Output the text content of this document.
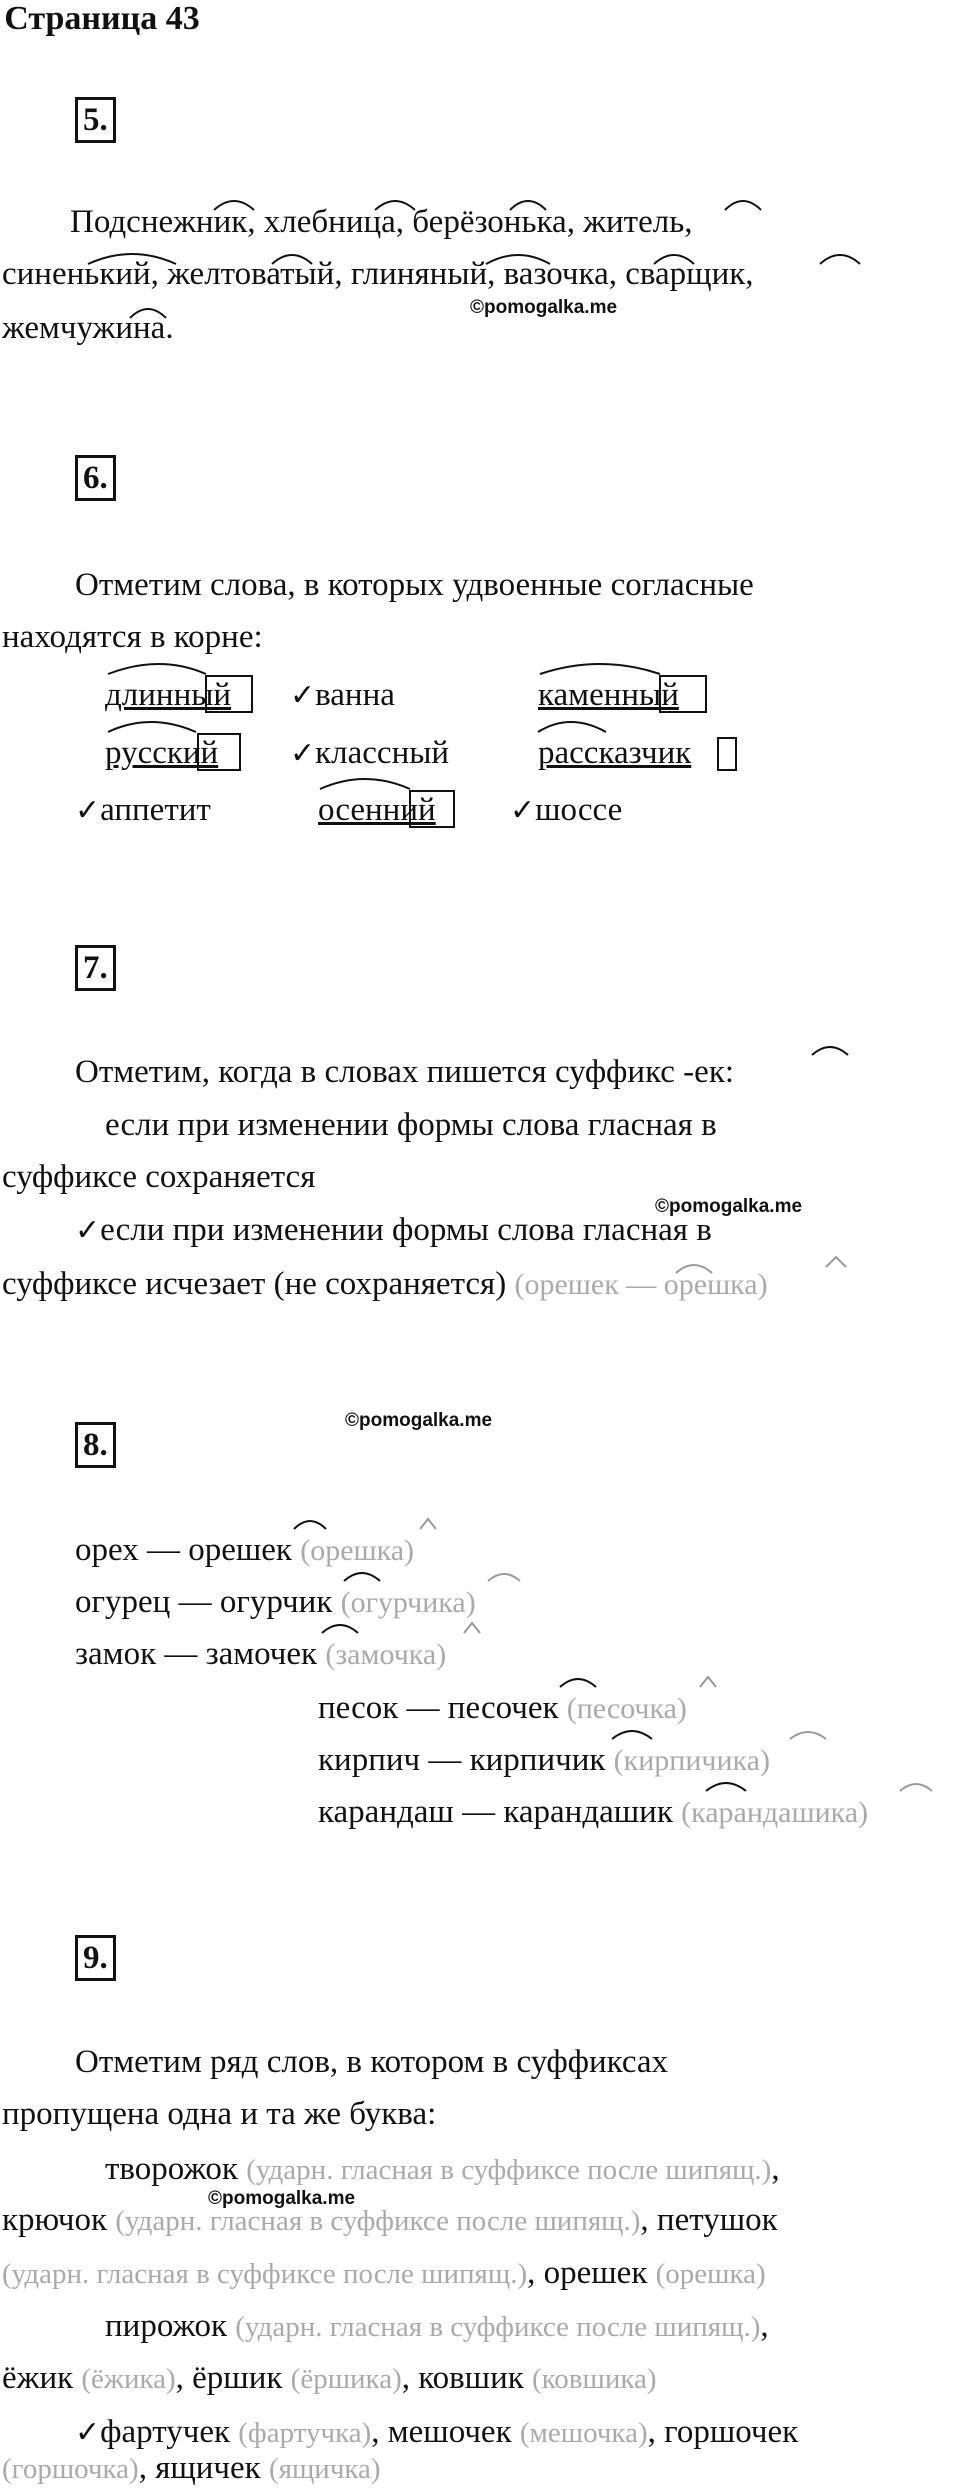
Страница 43
5.
Подснежник, хлебница, берёзонька, житель,
синенький, желтоватый, глиняный, вазочка, сварщик,
©pomogalka.me
жемчужина.
6.
Отметим слова, в которых удвоенные согласные
находятся в корне:
длинный ✓ванна	каменный
русский ✓классный	рассказчик
✓аппетит	осенний ✓шоссе
7.
Отметим, когда в словах пишется суффикс -ек:
если при изменении формы слова гласная в
суффиксе сохраняется
©pomogalka.me
✓если при изменении формы слова гласная в
суффиксе исчезает (не сохраняется) (орешек — орешка)
©pomogalka.me
8.
орех — орешек (орешка)
огурец — огурчик (огурчика)
замок — замочек (замочка)
песок — песочек (песочка)
кирпич — кирпичик (кирпичика)
карандаш — карандашик (карандашика)
9.
Отметим ряд слов, в котором в суффиксах
пропущена одна и та же буква:
творожок (ударн. гласная в суффиксе после шипящ.),
©pomogalka.me
крючок (ударн. гласная в суффиксе после шипящ.), петушок
(ударн. гласная в суффиксе после шипящ.), орешек (орешка)
пирожок (ударн. гласная в суффиксе после шипящ.),
ёжик (ёжика), ёршик (ёршика), ковшик (ковшика)
✓фартучек (фартучка), мешочек (мешочка), горшочек
(горшочка), ящичек (ящичка)
